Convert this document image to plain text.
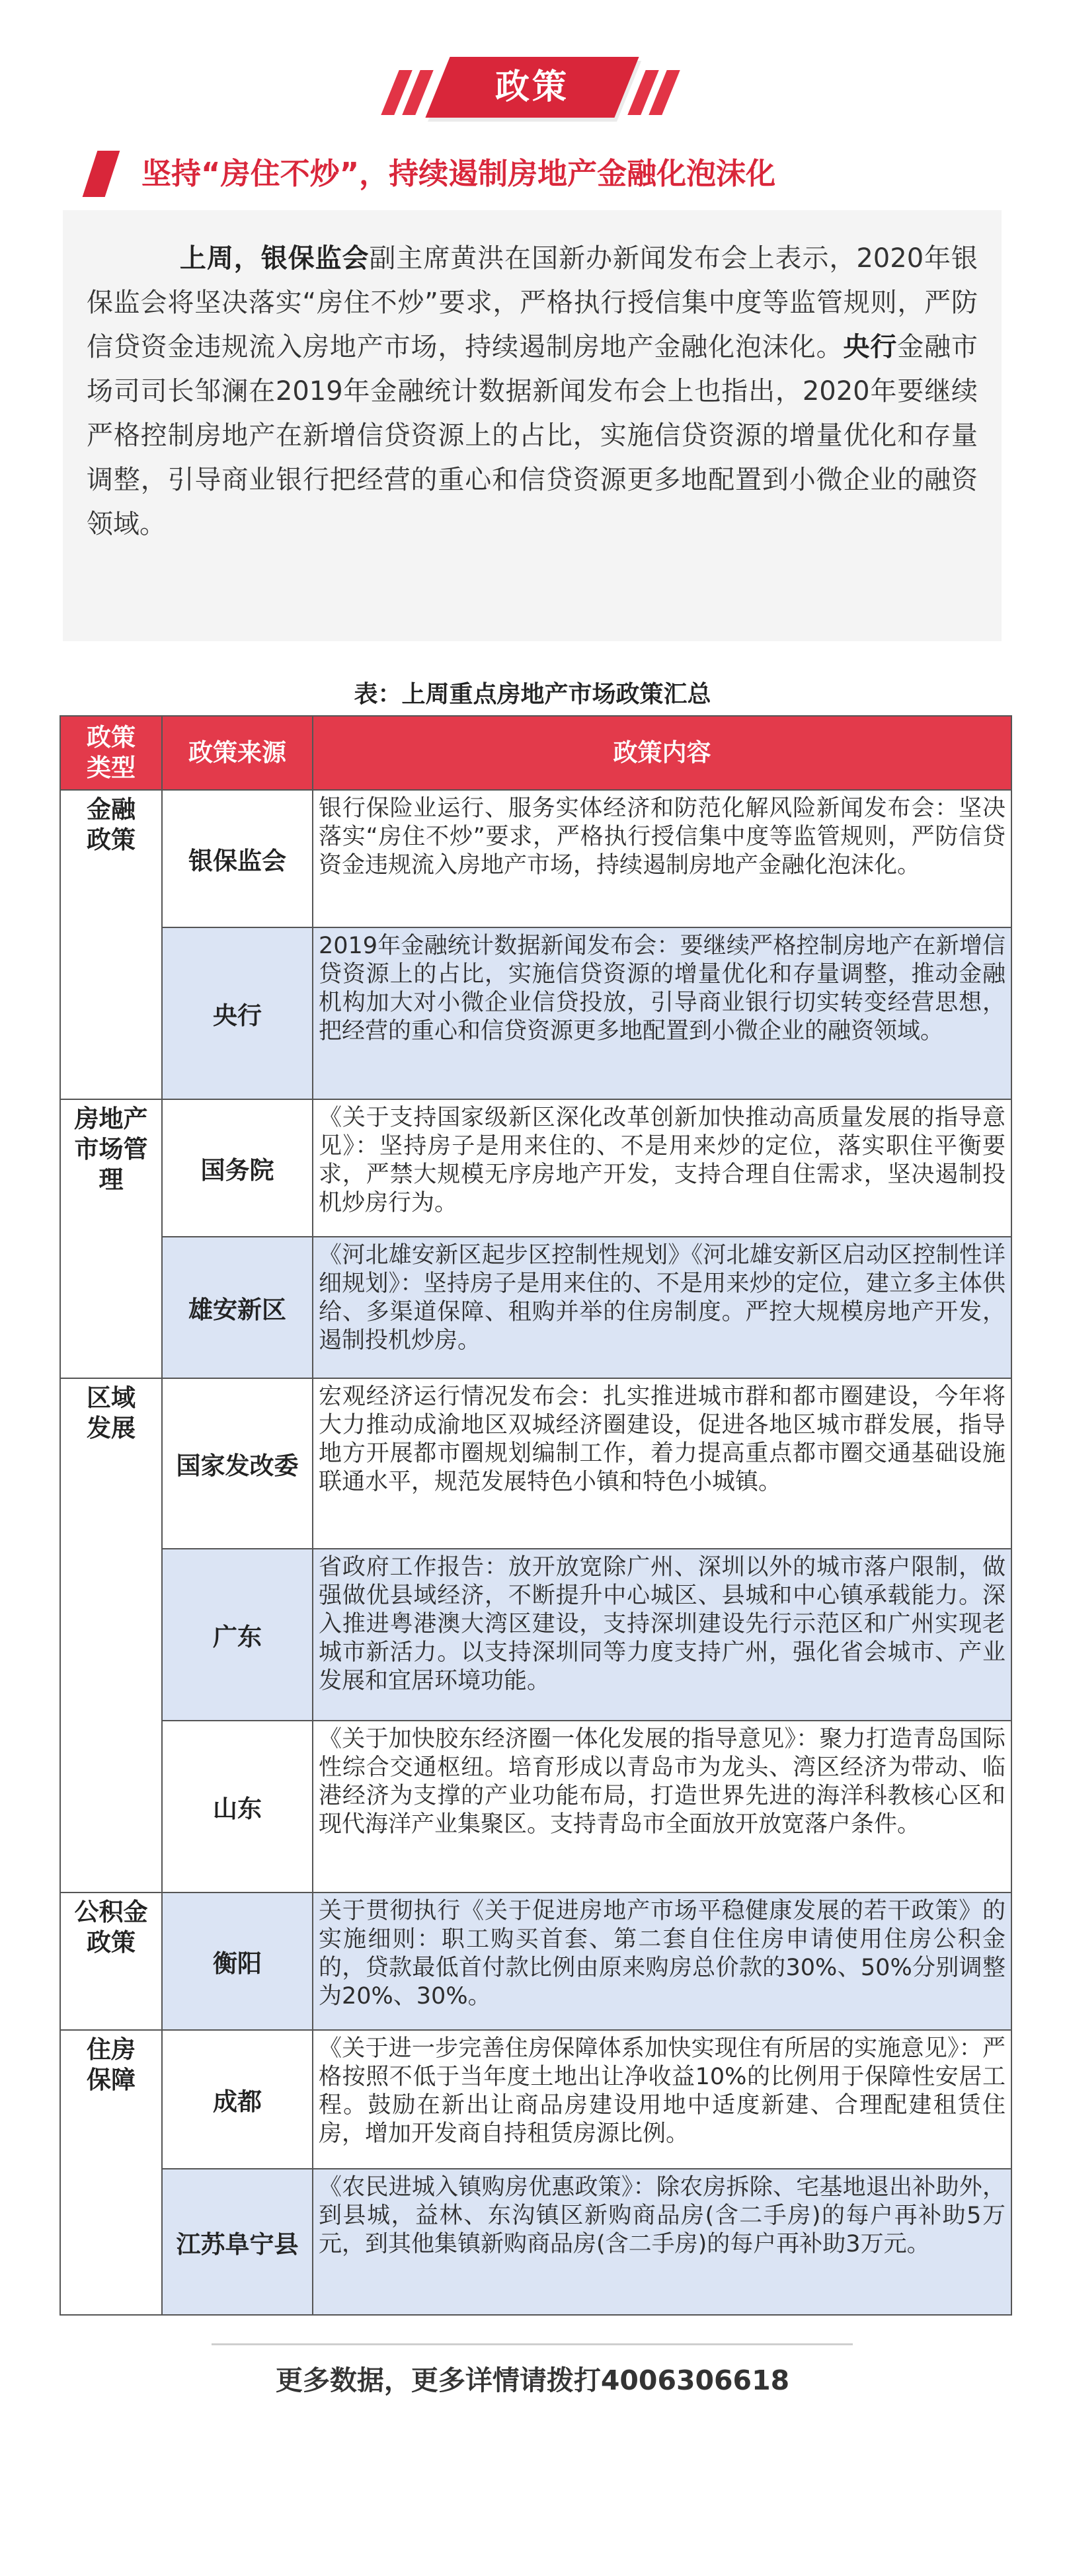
政策
坚持“房住不炒”，持续遏制房地产金融化泡沫化
上周，银保监会副主席黄洪在国新办新闻发布会上表示，2020年银保监会将坚决落实“房住不炒”要求，严格执行授信集中度等监管规则，严防信贷资金违规流入房地产市场，持续遏制房地产金融化泡沫化。央行金融市场司司长邹澜在2019年金融统计数据新闻发布会上也指出，2020年要继续严格控制房地产在新增信贷资源上的占比，实施信贷资源的增量优化和存量调整，引导商业银行把经营的重心和信贷资源更多地配置到小微企业的融资领域。
表：上周重点房地产市场政策汇总
政策类型
政策来源	政策内容
金融政策
房地产市场管理
区域发展
公积金政策
住房保障
银保监会
银行保险业运行、服务实体经济和防范化解风险新闻发布会：坚决落实“房住不炒”要求，严格执行授信集中度等监管规则，严防信贷资金违规流入房地产市场，持续遏制房地产金融化泡沫化。
央行
2019年金融统计数据新闻发布会：要继续严格控制房地产在新增信贷资源上的占比，实施信贷资源的增量优化和存量调整，推动金融机构加大对小微企业信贷投放，引导商业银行切实转变经营思想，把经营的重心和信贷资源更多地配置到小微企业的融资领域。
国务院
《关于支持国家级新区深化改革创新加快推动高质量发展的指导意见》：坚持房子是用来住的、不是用来炒的定位，落实职住平衡要求，严禁大规模无序房地产开发，支持合理自住需求，坚决遏制投机炒房行为。
雄安新区
《河北雄安新区起步区控制性规划》《河北雄安新区启动区控制性详细规划》：坚持房子是用来住的、不是用来炒的定位，建立多主体供给、多渠道保障、租购并举的住房制度。严控大规模房地产开发，遏制投机炒房。
国家发改委
宏观经济运行情况发布会：扎实推进城市群和都市圈建设，今年将大力推动成渝地区双城经济圈建设，促进各地区城市群发展，指导地方开展都市圈规划编制工作，着力提高重点都市圈交通基础设施联通水平，规范发展特色小镇和特色小城镇。
广东
省政府工作报告：放开放宽除广州、深圳以外的城市落户限制，做强做优县域经济，不断提升中心城区、县城和中心镇承载能力。深入推进粤港澳大湾区建设，支持深圳建设先行示范区和广州实现老城市新活力。以支持深圳同等力度支持广州，强化省会城市、产业发展和宜居环境功能。
山东
《关于加快胶东经济圈一体化发展的指导意见》：聚力打造青岛国际性综合交通枢纽。培育形成以青岛市为龙头、湾区经济为带动、临港经济为支撑的产业功能布局，打造世界先进的海洋科教核心区和现代海洋产业集聚区。支持青岛市全面放开放宽落户条件。
衡阳
关于贯彻执行《关于促进房地产市场平稳健康发展的若干政策》的实施细则：职工购买首套、第二套自住住房申请使用住房公积金的，贷款最低首付款比例由原来购房总价款的30%、50%分别调整为20%、30%。
成都
《关于进一步完善住房保障体系加快实现住有所居的实施意见》：严格按照不低于当年度土地出让净收益10%的比例用于保障性安居工程。鼓励在新出让商品房建设用地中适度新建、合理配建租赁住房，增加开发商自持租赁房源比例。
江苏阜宁县
《农民进城入镇购房优惠政策》：除农房拆除、宅基地退出补助外，到县城，益林、东沟镇区新购商品房(含二手房)的每户再补助5万元，到其他集镇新购商品房(含二手房)的每户再补助3万元。
更多数据，更多详情请拨打4006306618
